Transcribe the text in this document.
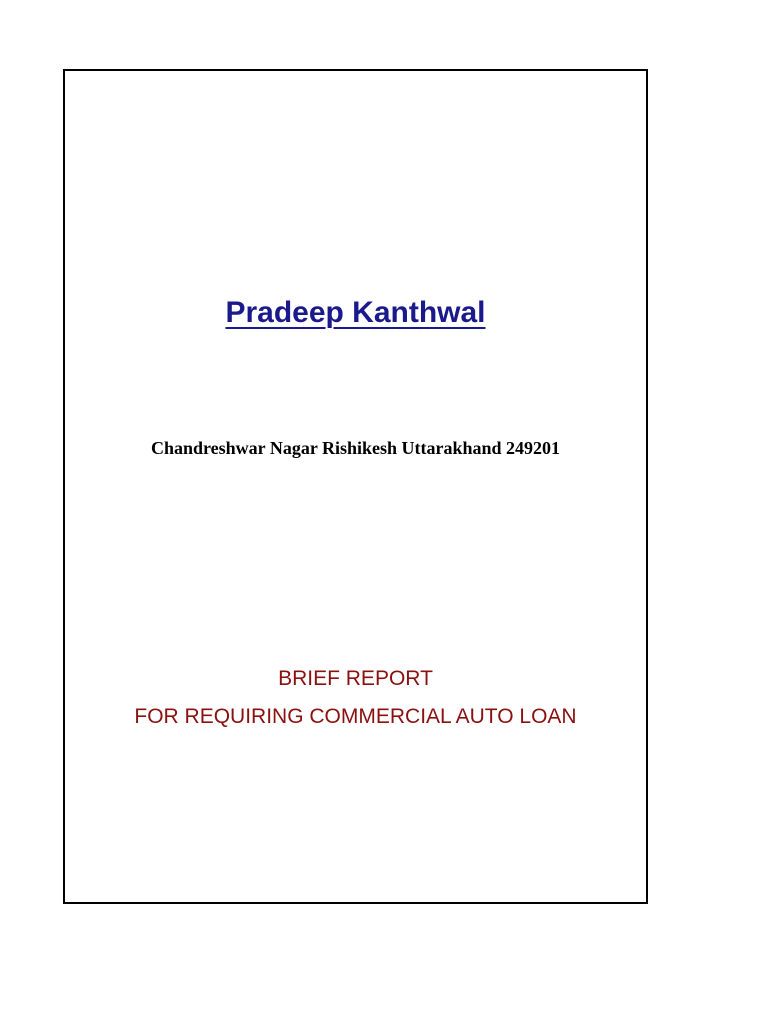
Pradeep Kanthwal

Chandreshwar Nagar Rishikesh Uttarakhand 249201

BRIEF REPORT

FOR REQUIRING COMMERCIAL AUTO LOAN
